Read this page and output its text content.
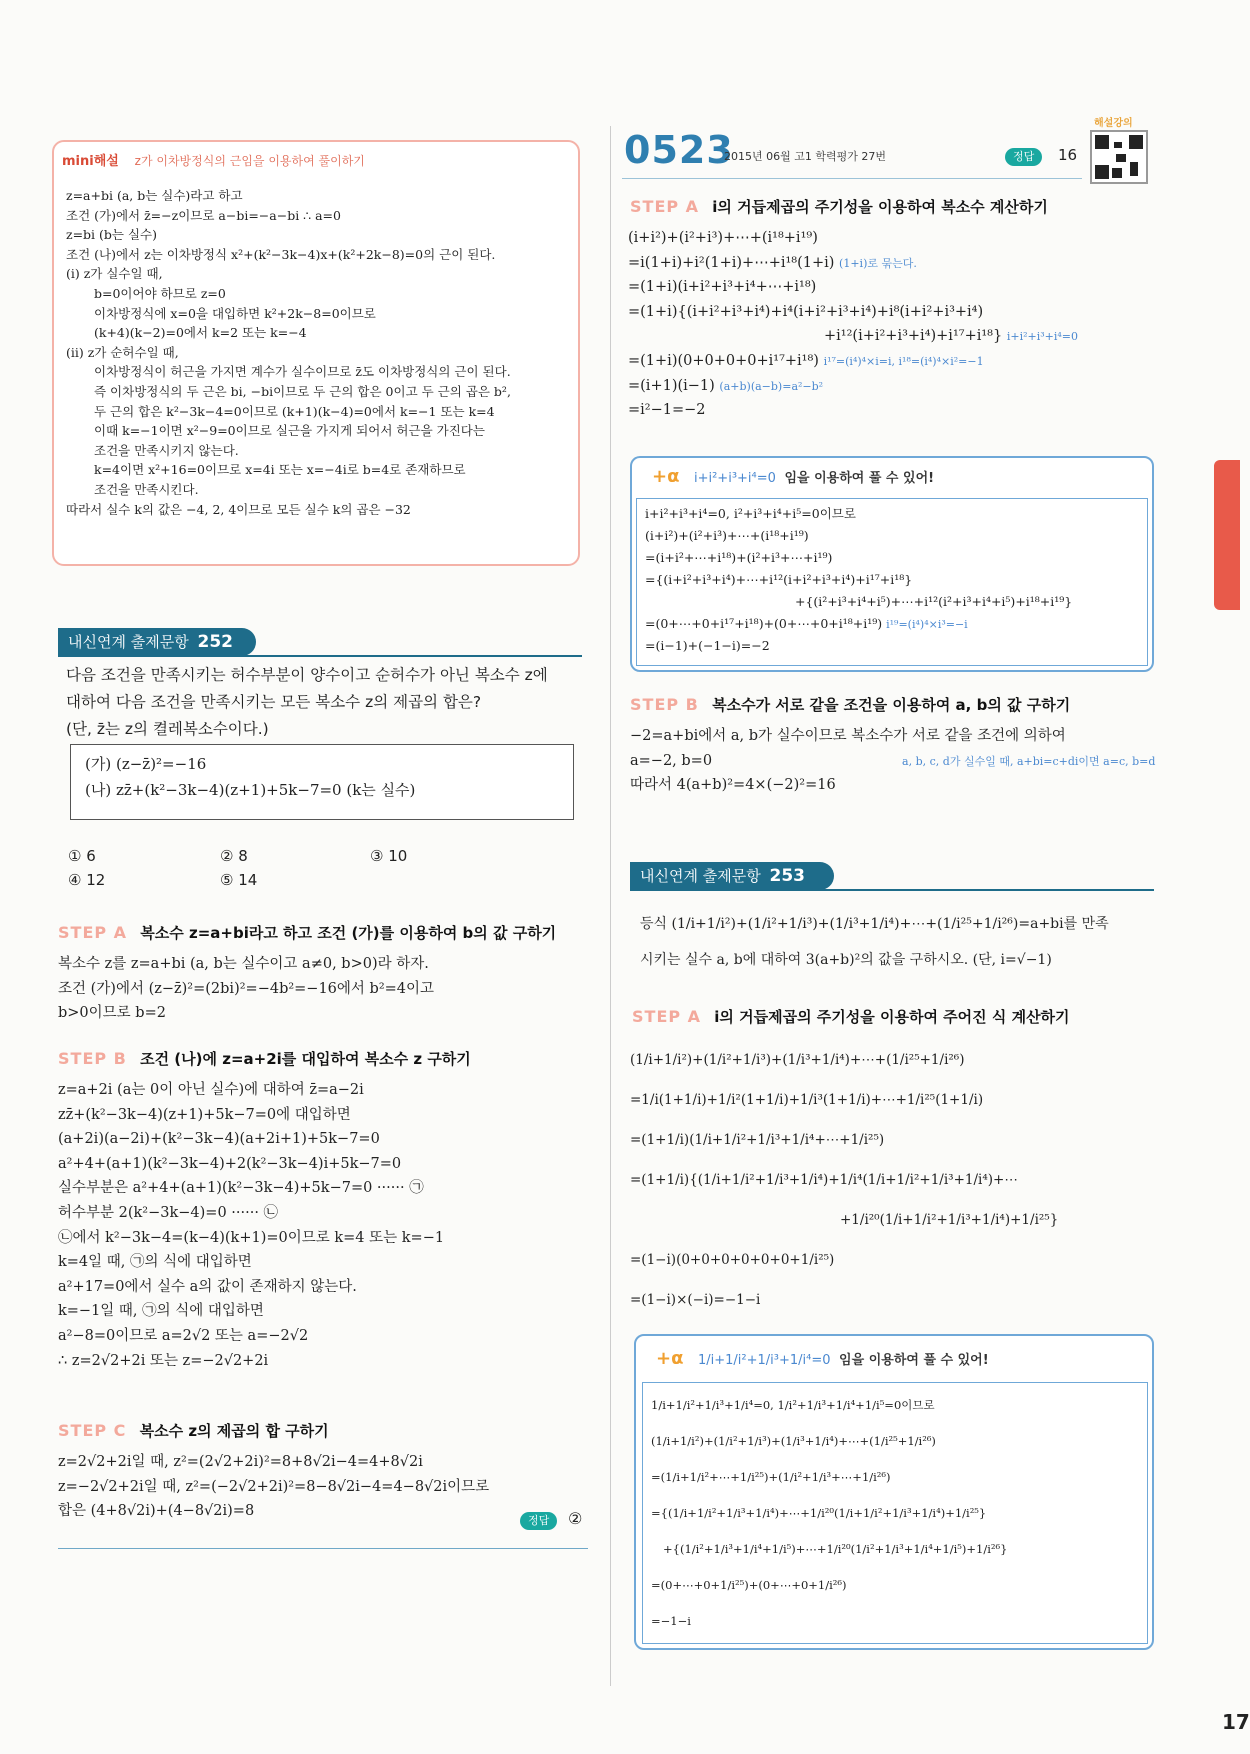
mini해설 z가 이차방정식의 근임을 이용하여 풀이하기
z=a+bi (a, b는 실수)라고 하고
조건 (가)에서 z̄=−z이므로 a−bi=−a−bi ∴ a=0
z=bi (b는 실수)
조건 (나)에서 z는 이차방정식 x²+(k²−3k−4)x+(k²+2k−8)=0의 근이 된다.
(ⅰ) z가 실수일 때,
b=0이어야 하므로 z=0
이차방정식에 x=0을 대입하면 k²+2k−8=0이므로
(k+4)(k−2)=0에서 k=2 또는 k=−4
(ⅱ) z가 순허수일 때,
이차방정식이 허근을 가지면 계수가 실수이므로 z̄도 이차방정식의 근이 된다.
즉 이차방정식의 두 근은 bi, −bi이므로 두 근의 합은 0이고 두 근의 곱은 b²,
두 근의 합은 k²−3k−4=0이므로 (k+1)(k−4)=0에서 k=−1 또는 k=4
이때 k=−1이면 x²−9=0이므로 실근을 가지게 되어서 허근을 가진다는
조건을 만족시키지 않는다.
k=4이면 x²+16=0이므로 x=4i 또는 x=−4i로 b=4로 존재하므로
조건을 만족시킨다.
따라서 실수 k의 값은 −4, 2, 4이므로 모든 실수 k의 곱은 −32
내신연계 출제문항 252
다음 조건을 만족시키는 허수부분이 양수이고 순허수가 아닌 복소수 z에
대하여 다음 조건을 만족시키는 모든 복소수 z의 제곱의 합은?
(단, z̄는 z의 켤레복소수이다.)
(가) (z−z̄)²=−16
(나) zz̄+(k²−3k−4)(z+1)+5k−7=0 (k는 실수)
① 6	② 8	③ 10
④ 12	⑤ 14
STEP A 복소수 z=a+bi라고 하고 조건 (가)를 이용하여 b의 값 구하기
복소수 z를 z=a+bi (a, b는 실수이고 a≠0, b>0)라 하자.
조건 (가)에서 (z−z̄)²=(2bi)²=−4b²=−16에서 b²=4이고
b>0이므로 b=2
STEP B 조건 (나)에 z=a+2i를 대입하여 복소수 z 구하기
z=a+2i (a는 0이 아닌 실수)에 대하여 z̄=a−2i
zz̄+(k²−3k−4)(z+1)+5k−7=0에 대입하면
(a+2i)(a−2i)+(k²−3k−4)(a+2i+1)+5k−7=0
a²+4+(a+1)(k²−3k−4)+2(k²−3k−4)i+5k−7=0
실수부분은 a²+4+(a+1)(k²−3k−4)+5k−7=0 ······ ㉠
허수부분 2(k²−3k−4)=0 ······ ㉡
㉡에서 k²−3k−4=(k−4)(k+1)=0이므로 k=4 또는 k=−1
k=4일 때, ㉠의 식에 대입하면
a²+17=0에서 실수 a의 값이 존재하지 않는다.
k=−1일 때, ㉠의 식에 대입하면
a²−8=0이므로 a=2√2 또는 a=−2√2
∴ z=2√2+2i 또는 z=−2√2+2i
STEP C 복소수 z의 제곱의 합 구하기
z=2√2+2i일 때, z²=(2√2+2i)²=8+8√2i−4=4+8√2i
z=−2√2+2i일 때, z²=(−2√2+2i)²=8−8√2i−4=4−8√2i이므로
합은 (4+8√2i)+(4−8√2i)=8
정답	②
0523
2015년 06월 고1 학력평가 27번	정답	16
해설강의
STEP A i의 거듭제곱의 주기성을 이용하여 복소수 계산하기
(i+i²)+(i²+i³)+⋯+(i¹⁸+i¹⁹)
=i(1+i)+i²(1+i)+⋯+i¹⁸(1+i) (1+i)로 묶는다.
=(1+i)(i+i²+i³+i⁴+⋯+i¹⁸)
=(1+i){(i+i²+i³+i⁴)+i⁴(i+i²+i³+i⁴)+i⁸(i+i²+i³+i⁴)
+i¹²(i+i²+i³+i⁴)+i¹⁷+i¹⁸} i+i²+i³+i⁴=0
=(1+i)(0+0+0+0+i¹⁷+i¹⁸) i¹⁷=(i⁴)⁴×i=i, i¹⁸=(i⁴)⁴×i²=−1
=(i+1)(i−1) (a+b)(a−b)=a²−b²
=i²−1=−2
+α i+i²+i³+i⁴=0 임을 이용하여 풀 수 있어!
i+i²+i³+i⁴=0, i²+i³+i⁴+i⁵=0이므로
(i+i²)+(i²+i³)+⋯+(i¹⁸+i¹⁹)
=(i+i²+⋯+i¹⁸)+(i²+i³+⋯+i¹⁹)
={(i+i²+i³+i⁴)+⋯+i¹²(i+i²+i³+i⁴)+i¹⁷+i¹⁸}
+{(i²+i³+i⁴+i⁵)+⋯+i¹²(i²+i³+i⁴+i⁵)+i¹⁸+i¹⁹}
=(0+⋯+0+i¹⁷+i¹⁸)+(0+⋯+0+i¹⁸+i¹⁹) i¹⁹=(i⁴)⁴×i³=−i
=(i−1)+(−1−i)=−2
STEP B 복소수가 서로 같을 조건을 이용하여 a, b의 값 구하기
−2=a+bi에서 a, b가 실수이므로 복소수가 서로 같을 조건에 의하여
a=−2, b=0	a, b, c, d가 실수일 때, a+bi=c+di이면 a=c, b=d
따라서 4(a+b)²=4×(−2)²=16
내신연계 출제문항 253
등식 (1/i+1/i²)+(1/i²+1/i³)+(1/i³+1/i⁴)+⋯+(1/i²⁵+1/i²⁶)=a+bi를 만족
시키는 실수 a, b에 대하여 3(a+b)²의 값을 구하시오. (단, i=√−1)
STEP A i의 거듭제곱의 주기성을 이용하여 주어진 식 계산하기
(1/i+1/i²)+(1/i²+1/i³)+(1/i³+1/i⁴)+⋯+(1/i²⁵+1/i²⁶)
=1/i(1+1/i)+1/i²(1+1/i)+1/i³(1+1/i)+⋯+1/i²⁵(1+1/i)
=(1+1/i)(1/i+1/i²+1/i³+1/i⁴+⋯+1/i²⁵)
=(1+1/i){(1/i+1/i²+1/i³+1/i⁴)+1/i⁴(1/i+1/i²+1/i³+1/i⁴)+⋯
+1/i²⁰(1/i+1/i²+1/i³+1/i⁴)+1/i²⁵}
=(1−i)(0+0+0+0+0+0+1/i²⁵)
=(1−i)×(−i)=−1−i
+α 1/i+1/i²+1/i³+1/i⁴=0 임을 이용하여 풀 수 있어!
1/i+1/i²+1/i³+1/i⁴=0, 1/i²+1/i³+1/i⁴+1/i⁵=0이므로
(1/i+1/i²)+(1/i²+1/i³)+(1/i³+1/i⁴)+⋯+(1/i²⁵+1/i²⁶)
=(1/i+1/i²+⋯+1/i²⁵)+(1/i²+1/i³+⋯+1/i²⁶)
={(1/i+1/i²+1/i³+1/i⁴)+⋯+1/i²⁰(1/i+1/i²+1/i³+1/i⁴)+1/i²⁵}
+{(1/i²+1/i³+1/i⁴+1/i⁵)+⋯+1/i²⁰(1/i²+1/i³+1/i⁴+1/i⁵)+1/i²⁶}
=(0+⋯+0+1/i²⁵)+(0+⋯+0+1/i²⁶)
=−1−i
17
